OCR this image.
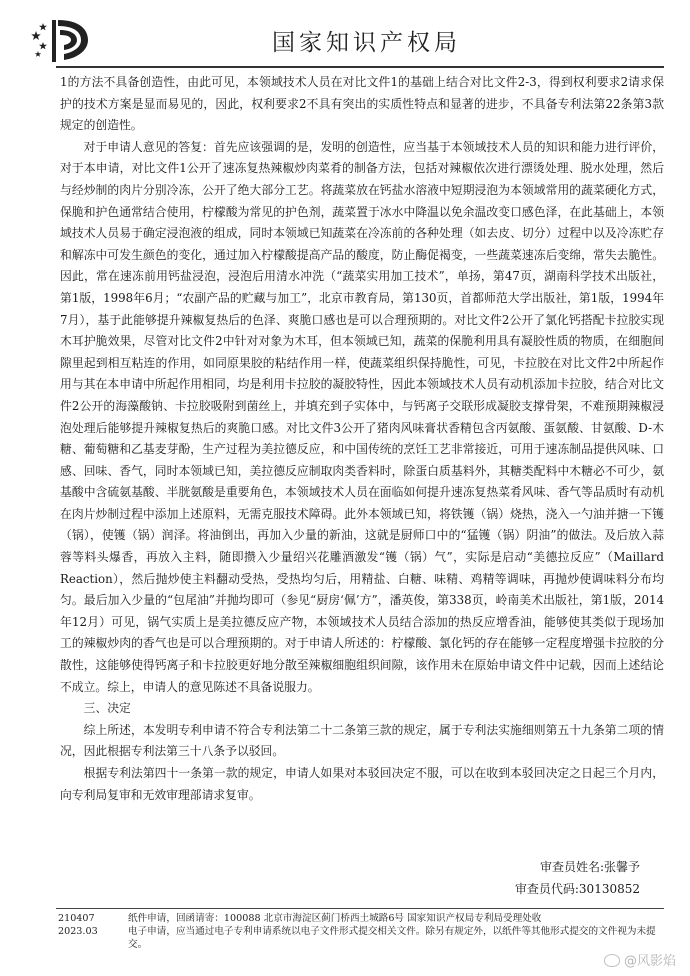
国家知识产权局

1的方法不具备创造性，由此可见，本领域技术人员在对比文件1的基础上结合对比文件2-3，得到权利要求2请求保护的技术方案是显而易见的，因此，权利要求2不具有突出的实质性特点和显著的进步，不具备专利法第22条第3款规定的创造性。

对于申请人意见的答复：首先应该强调的是，发明的创造性，应当基于本领域技术人员的知识和能力进行评价，对于本申请，对比文件1公开了速冻复热辣椒炒肉菜肴的制备方法，包括对辣椒依次进行漂烫处理、脱水处理，然后与经炒制的肉片分别冷冻，公开了绝大部分工艺。将蔬菜放在钙盐水溶液中短期浸泡为本领域常用的蔬菜硬化方式，保脆和护色通常结合使用，柠檬酸为常见的护色剂，蔬菜置于冰水中降温以免余温改变口感色泽，在此基础上，本领域技术人员易于确定浸泡液的组成，同时本领域已知蔬菜在冷冻前的各种处理（如去皮、切分）过程中以及冷冻贮存和解冻中可发生颜色的变化，通过加入柠檬酸提高产品的酸度，防止酶促褐变，一些蔬菜速冻后变绵，常失去脆性。因此，常在速冻前用钙盐浸泡，浸泡后用清水冲洗（“蔬菜实用加工技术”，单扬，第47页，湖南科学技术出版社，第1版，1998年6月；“农副产品的贮藏与加工”，北京市教育局，第130页，首都师范大学出版社，第1版，1994年7月），基于此能够提升辣椒复热后的色泽、爽脆口感也是可以合理预期的。对比文件2公开了氯化钙搭配卡拉胶实现木耳护脆效果，尽管对比文件2中针对对象为木耳，但本领域已知，蔬菜的保脆利用具有凝胶性质的物质，在细胞间隙里起到相互粘连的作用，如同原果胶的粘结作用一样，使蔬菜组织保持脆性，可见，卡拉胶在对比文件2中所起作用与其在本申请中所起作用相同，均是利用卡拉胶的凝胶特性，因此本领域技术人员有动机添加卡拉胶，结合对比文件2公开的海藻酸钠、卡拉胶吸附到菌丝上，并填充到子实体中，与钙离子交联形成凝胶支撑骨架，不难预期辣椒浸泡处理后能够提升辣椒复热后的爽脆口感。对比文件3公开了猪肉风味膏状香精包含丙氨酸、蛋氨酸、甘氨酸、D-木糖、葡萄糖和乙基麦芽酚，生产过程为美拉德反应，和中国传统的烹饪工艺非常接近，可用于速冻制品提供风味、口感、回味、香气，同时本领域已知，美拉德反应制取肉类香料时，除蛋白质基料外，其糖类配料中木糖必不可少，氨基酸中含硫氨基酸、半胱氨酸是重要角色，本领域技术人员在面临如何提升速冻复热菜肴风味、香气等品质时有动机在肉片炒制过程中添加上述原料，无需克服技术障碍。此外本领域已知，将铁镬（锅）烧热，浇入一勺油并搪一下镬（锅），使镬（锅）润泽。将油倒出，再加入少量的新油，这就是厨师口中的“猛镬（锅）阴油”的做法。及后放入蒜蓉等料头爆香，再放入主料，随即攒入少量绍兴花雕酒激发“镬（锅）气”，实际是启动“美德拉反应”（Maillard Reaction），然后抛炒使主料翻动受热，受热均匀后，用精盐、白糖、味精、鸡精等调味，再抛炒使调味料分布均匀。最后加入少量的“包尾油”并抛均即可（参见“厨房‘佩’方”，潘英俊，第338页，岭南美术出版社，第1版，2014年12月）可见，锅气实质上是美拉德反应产物，本领域技术人员结合添加的热反应增香油，能够使其类似于现场加工的辣椒炒肉的香气也是可以合理预期的。对于申请人所述的：柠檬酸、氯化钙的存在能够一定程度增强卡拉胶的分散性，这能够使得钙离子和卡拉胶更好地分散至辣椒细胞组织间隙，该作用未在原始申请文件中记载，因而上述结论不成立。综上，申请人的意见陈述不具备说服力。

三、决定

综上所述，本发明专利申请不符合专利法第二十二条第三款的规定，属于专利法实施细则第五十九条第二项的情况，因此根据专利法第三十八条予以驳回。

根据专利法第四十一条第一款的规定，申请人如果对本驳回决定不服，可以在收到本驳回决定之日起三个月内，向专利局复审和无效审理部请求复审。

审查员姓名:张馨予
审查员代码:30130852
210407	纸件申请，回函请寄：100088 北京市海淀区蓟门桥西土城路6号 国家知识产权局专利局受理处收
2023.03	电子申请，应当通过电子专利申请系统以电子文件形式提交相关文件。除另有规定外，以纸件等其他形式提交的文件视为未提交。
@风影焰
